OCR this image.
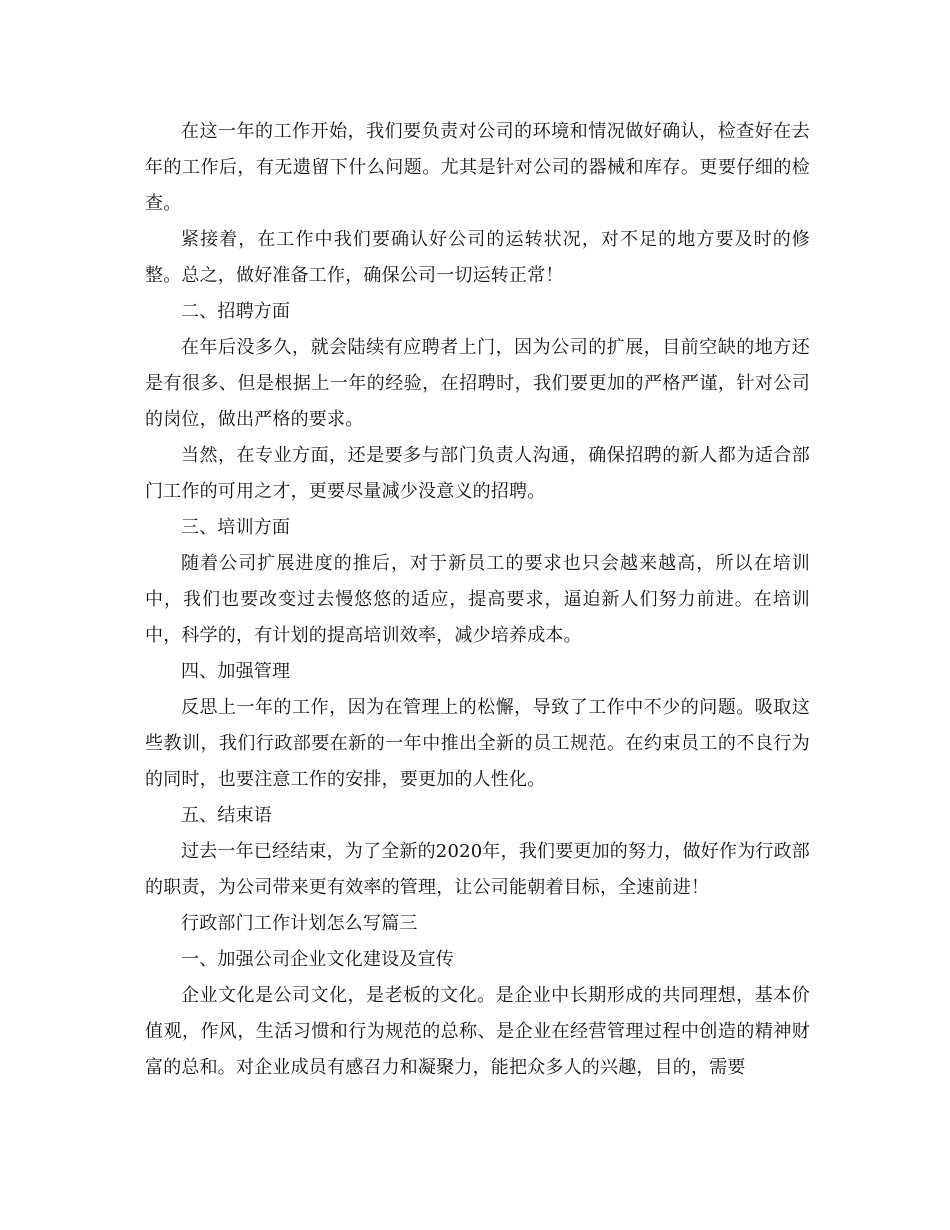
在这一年的工作开始，我们要负责对公司的环境和情况做好确认，检查好在去年的工作后，有无遗留下什么问题。尤其是针对公司的器械和库存。更要仔细的检查。

紧接着，在工作中我们要确认好公司的运转状况，对不足的地方要及时的修整。总之，做好准备工作，确保公司一切运转正常！

二、招聘方面

在年后没多久，就会陆续有应聘者上门，因为公司的扩展，目前空缺的地方还是有很多、但是根据上一年的经验，在招聘时，我们要更加的严格严谨，针对公司的岗位，做出严格的要求。

当然，在专业方面，还是要多与部门负责人沟通，确保招聘的新人都为适合部门工作的可用之才，更要尽量减少没意义的招聘。

三、培训方面

随着公司扩展进度的推后，对于新员工的要求也只会越来越高，所以在培训中，我们也要改变过去慢悠悠的适应，提高要求，逼迫新人们努力前进。在培训中，科学的，有计划的提高培训效率，减少培养成本。

四、加强管理

反思上一年的工作，因为在管理上的松懈，导致了工作中不少的问题。吸取这些教训，我们行政部要在新的一年中推出全新的员工规范。在约束员工的不良行为的同时，也要注意工作的安排，要更加的人性化。

五、结束语

过去一年已经结束，为了全新的2020年，我们要更加的努力，做好作为行政部的职责，为公司带来更有效率的管理，让公司能朝着目标，全速前进！

行政部门工作计划怎么写篇三

一、加强公司企业文化建设及宣传

企业文化是公司文化，是老板的文化。是企业中长期形成的共同理想，基本价值观，作风，生活习惯和行为规范的总称、是企业在经营管理过程中创造的精神财富的总和。对企业成员有感召力和凝聚力，能把众多人的兴趣，目的，需要
